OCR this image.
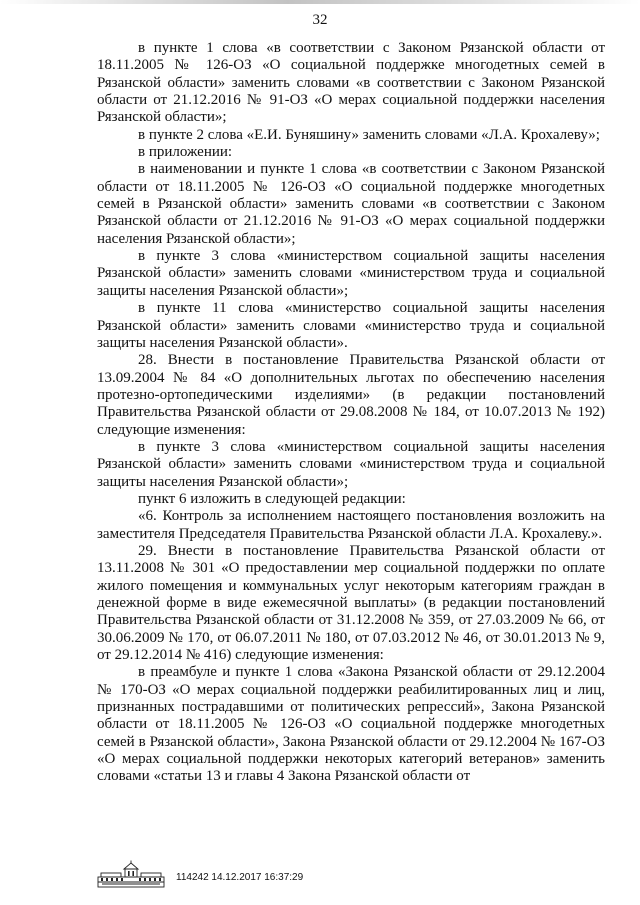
32

в пункте 1 слова «в соответствии с Законом Рязанской области от 18.11.2005 № 126-ОЗ «О социальной поддержке многодетных семей в Рязанской области» заменить словами «в соответствии с Законом Рязанской области от 21.12.2016 № 91-ОЗ «О мерах социальной поддержки населения Рязанской области»;

в пункте 2 слова «Е.И. Буняшину» заменить словами «Л.А. Крохалеву»;

в приложении:

в наименовании и пункте 1 слова «в соответствии с Законом Рязанской области от 18.11.2005 № 126-ОЗ «О социальной поддержке многодетных семей в Рязанской области» заменить словами «в соответствии с Законом Рязанской области от 21.12.2016 № 91-ОЗ «О мерах социальной поддержки населения Рязанской области»;

в пункте 3 слова «министерством социальной защиты населения Рязанской области» заменить словами «министерством труда и социальной защиты населения Рязанской области»;

в пункте 11 слова «министерство социальной защиты населения Рязанской области» заменить словами «министерство труда и социальной защиты населения Рязанской области».

28. Внести в постановление Правительства Рязанской области от 13.09.2004 № 84 «О дополнительных льготах по обеспечению населения протезно-ортопедическими изделиями» (в редакции постановлений Правительства Рязанской области от 29.08.2008 № 184, от 10.07.2013 № 192) следующие изменения:

в пункте 3 слова «министерством социальной защиты населения Рязанской области» заменить словами «министерством труда и социальной защиты населения Рязанской области»;

пункт 6 изложить в следующей редакции:

«6. Контроль за исполнением настоящего постановления возложить на заместителя Председателя Правительства Рязанской области Л.А. Крохалеву.».

29. Внести в постановление Правительства Рязанской области от 13.11.2008 № 301 «О предоставлении мер социальной поддержки по оплате жилого помещения и коммунальных услуг некоторым категориям граждан в денежной форме в виде ежемесячной выплаты» (в редакции постановлений Правительства Рязанской области от 31.12.2008 № 359, от 27.03.2009 № 66, от 30.06.2009 № 170, от 06.07.2011 № 180, от 07.03.2012 № 46, от 30.01.2013 № 9, от 29.12.2014 № 416) следующие изменения:

в преамбуле и пункте 1 слова «Закона Рязанской области от 29.12.2004 № 170-ОЗ «О мерах социальной поддержки реабилитированных лиц и лиц, признанных пострадавшими от политических репрессий», Закона Рязанской области от 18.11.2005 № 126-ОЗ «О социальной поддержке многодетных семей в Рязанской области», Закона Рязанской области от 29.12.2004 № 167-ОЗ «О мерах социальной поддержки некоторых категорий ветеранов» заменить словами «статьи 13 и главы 4 Закона Рязанской области от

114242 14.12.2017 16:37:29
